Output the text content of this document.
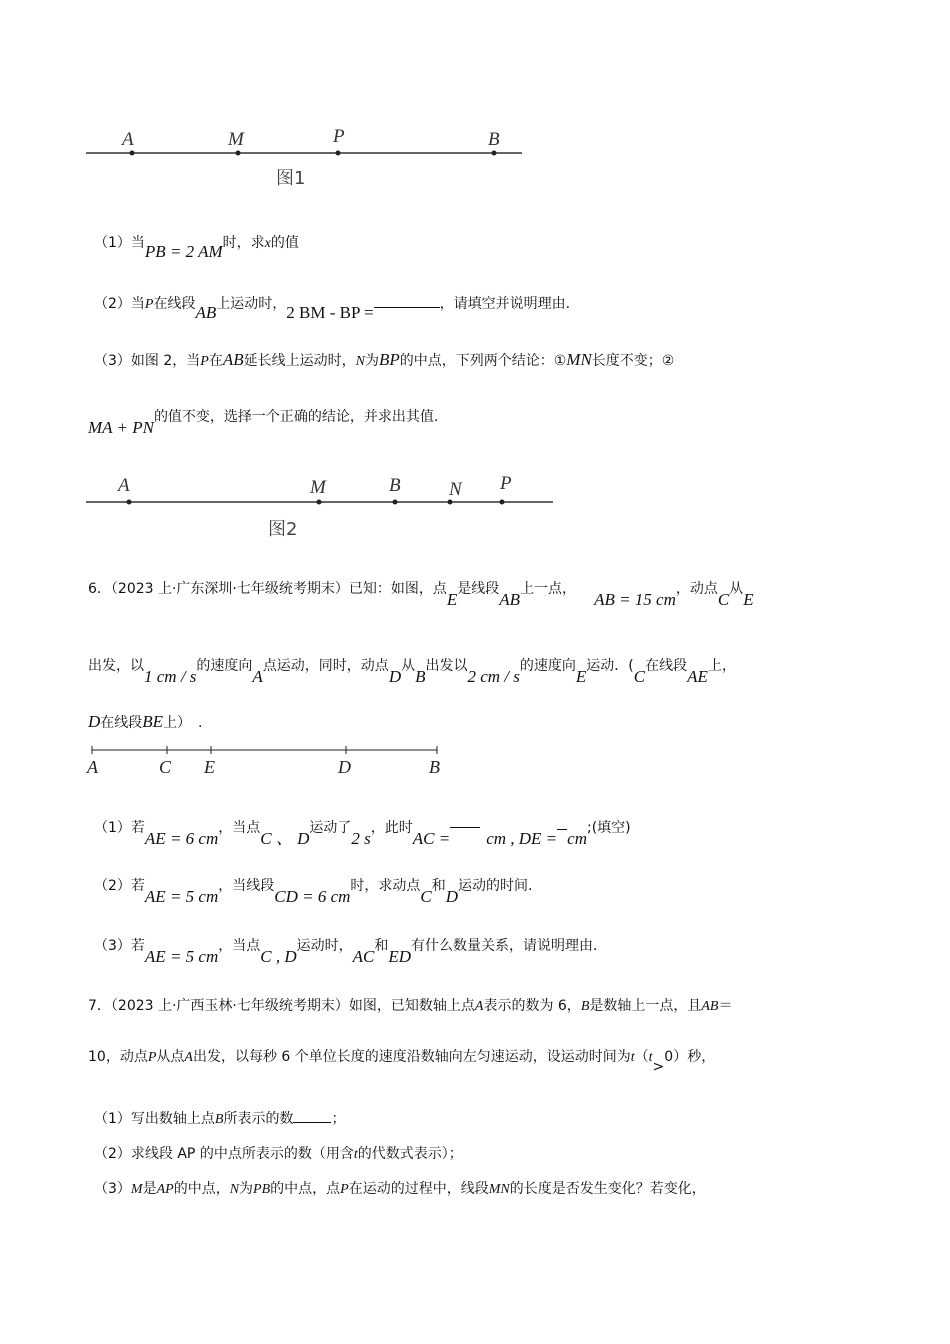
A	M	P	B
图1
（1）当PB = 2 AM时，求x的值
（2）当P在线段AB上运动时，2 BM - BP =	，请填空并说明理由.
（3）如图 2，当P在AB延长线上运动时，N为BP的中点，下列两个结论：①MN长度不变；②
MA + PN的值不变，选择一个正确的结论，并求出其值.
A	M	B	N P
图2
6．（2023 上·广东深圳·七年级统考期末）已知：如图，点E是线段AB上一点，AB = 15 cm，动点C从E
出发，以1 cm / s的速度向A点运动，同时，动点D从B出发以2 cm / s的速度向E运动．(C在线段AE上，
D在线段BE上）　.
A	C E	D	B
（1）若AE = 6 cm，当点C 、 D运动了2 s，此时AC = cm , DE = cm;(填空)
（2）若AE = 5 cm，当线段CD = 6 cm时，求动点C和D运动的时间.
（3）若AE = 5 cm，当点C , D运动时，AC和ED有什么数量关系，请说明理由．
7．（2023 上·广西玉林·七年级统考期末）如图，已知数轴上点A表示的数为 6，B是数轴上一点，且AB＝
10，动点P从点A出发，以每秒 6 个单位长度的速度沿数轴向左匀速运动，设运动时间为t（t>0）秒，
（1）写出数轴上点B所表示的数	；
（2）求线段 AP 的中点所表示的数（用含t的代数式表示）；
（3）M是AP的中点，N为PB的中点，点P在运动的过程中，线段MN的长度是否发生变化？若变化，
